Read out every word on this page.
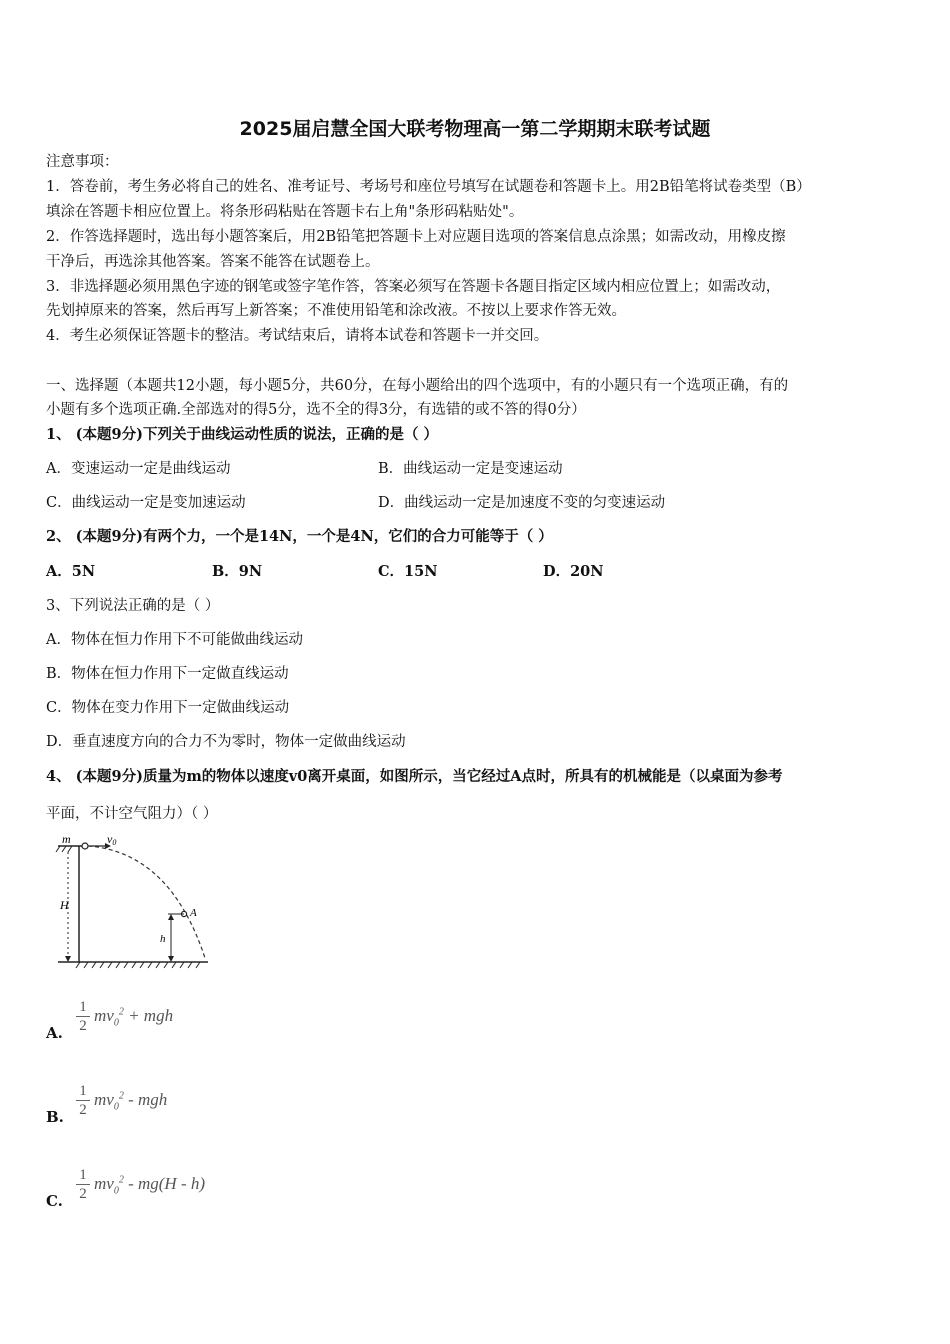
2025届启慧全国大联考物理高一第二学期期末联考试题
注意事项：
1．答卷前，考生务必将自己的姓名、准考证号、考场号和座位号填写在试题卷和答题卡上。用2B铅笔将试卷类型（B）
填涂在答题卡相应位置上。将条形码粘贴在答题卡右上角"条形码粘贴处"。
2．作答选择题时，选出每小题答案后，用2B铅笔把答题卡上对应题目选项的答案信息点涂黑；如需改动，用橡皮擦
干净后，再选涂其他答案。答案不能答在试题卷上。
3．非选择题必须用黑色字迹的钢笔或签字笔作答，答案必须写在答题卡各题目指定区域内相应位置上；如需改动，
先划掉原来的答案，然后再写上新答案；不准使用铅笔和涂改液。不按以上要求作答无效。
4．考生必须保证答题卡的整洁。考试结束后，请将本试卷和答题卡一并交回。
一、选择题（本题共12小题，每小题5分，共60分，在每小题给出的四个选项中，有的小题只有一个选项正确，有的
小题有多个选项正确.全部选对的得5分，选不全的得3分，有选错的或不答的得0分）
1、 (本题9分)下列关于曲线运动性质的说法，正确的是（ ）
A．变速运动一定是曲线运动	B．曲线运动一定是变速运动
C．曲线运动一定是变加速运动	D．曲线运动一定是加速度不变的匀变速运动
2、 (本题9分)有两个力，一个是14N，一个是4N，它们的合力可能等于（ ）
A．5N	B．9N	C．15N	D．20N
3、下列说法正确的是（ ）
A．物体在恒力作用下不可能做曲线运动
B．物体在恒力作用下一定做直线运动
C．物体在变力作用下一定做曲线运动
D．垂直速度方向的合力不为零时，物体一定做曲线运动
4、 (本题9分)质量为m的物体以速度v0离开桌面，如图所示，当它经过A点时，所具有的机械能是（以桌面为参考
平面，不计空气阻力）（ ）
m	v0
H
h
A
A. $\frac{1}{2} mv_0^2$ + mgh
B. $\frac{1}{2} mv_0^2$ - mgh
C. $\frac{1}{2} mv_0^2 - mg(H - h)$
